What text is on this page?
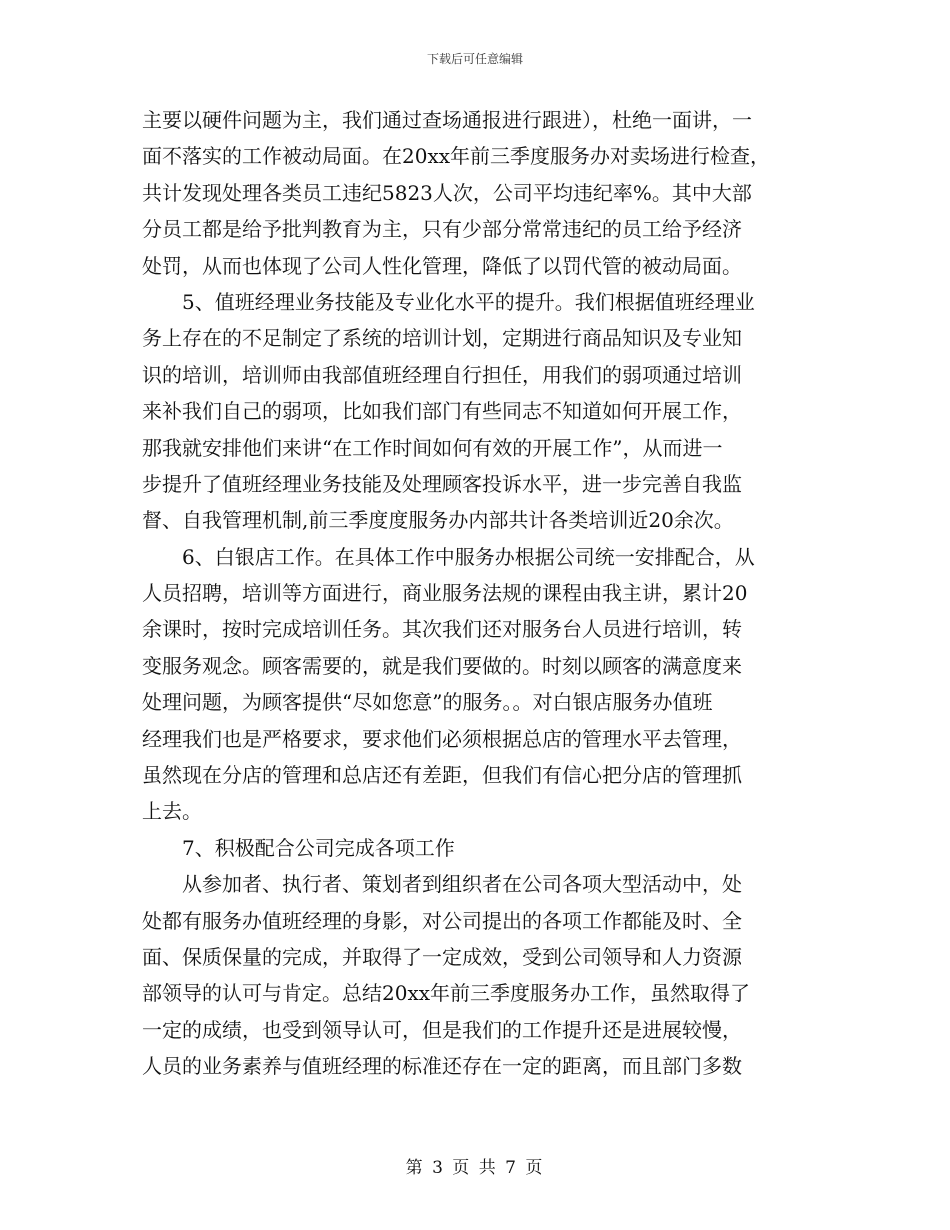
下载后可任意编辑
主要以硬件问题为主，我们通过查场通报进行跟进），杜绝一面讲，一
面不落实的工作被动局面。在20xx年前三季度服务办对卖场进行检查，
共计发现处理各类员工违纪5823人次，公司平均违纪率%。其中大部
分员工都是给予批判教育为主，只有少部分常常违纪的员工给予经济
处罚，从而也体现了公司人性化管理，降低了以罚代管的被动局面。
　　5、值班经理业务技能及专业化水平的提升。我们根据值班经理业
务上存在的不足制定了系统的培训计划，定期进行商品知识及专业知
识的培训，培训师由我部值班经理自行担任，用我们的弱项通过培训
来补我们自己的弱项，比如我们部门有些同志不知道如何开展工作，
那我就安排他们来讲“在工作时间如何有效的开展工作”，从而进一
步提升了值班经理业务技能及处理顾客投诉水平，进一步完善自我监
督、自我管理机制,前三季度度服务办内部共计各类培训近20余次。
　　6、白银店工作。在具体工作中服务办根据公司统一安排配合，从
人员招聘，培训等方面进行，商业服务法规的课程由我主讲，累计20
余课时，按时完成培训任务。其次我们还对服务台人员进行培训，转
变服务观念。顾客需要的，就是我们要做的。时刻以顾客的满意度来
处理问题，为顾客提供“尽如您意”的服务。。对白银店服务办值班
经理我们也是严格要求，要求他们必须根据总店的管理水平去管理，
虽然现在分店的管理和总店还有差距，但我们有信心把分店的管理抓
上去。
　　7、积极配合公司完成各项工作
　　从参加者、执行者、策划者到组织者在公司各项大型活动中，处
处都有服务办值班经理的身影，对公司提出的各项工作都能及时、全
面、保质保量的完成，并取得了一定成效，受到公司领导和人力资源
部领导的认可与肯定。总结20xx年前三季度服务办工作，虽然取得了
一定的成绩，也受到领导认可，但是我们的工作提升还是进展较慢，
人员的业务素养与值班经理的标准还存在一定的距离，而且部门多数
第 3 页 共 7 页
